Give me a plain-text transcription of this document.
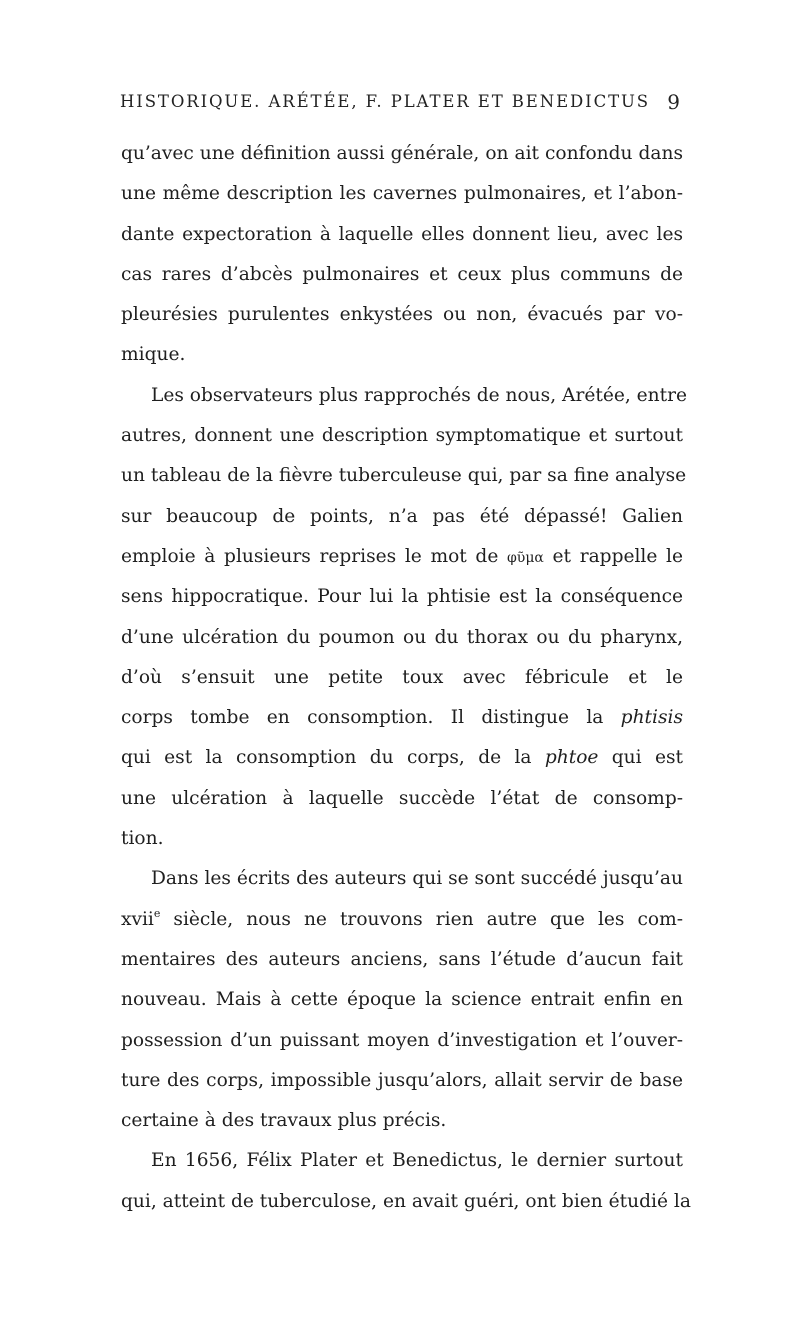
HISTORIQUE. ARÉTÉE, F. PLATER ET BENEDICTUS 9
qu’avec une définition aussi générale, on ait confondu dans
une même description les cavernes pulmonaires, et l’abon-
dante expectoration à laquelle elles donnent lieu, avec les
cas rares d’abcès pulmonaires et ceux plus communs de
pleurésies purulentes enkystées ou non, évacués par vo-
mique.
Les observateurs plus rapprochés de nous, Arétée, entre
autres, donnent une description symptomatique et surtout
un tableau de la fièvre tuberculeuse qui, par sa fine analyse
sur beaucoup de points, n’a pas été dépassé! Galien
emploie à plusieurs reprises le mot de φῦμα et rappelle le
sens hippocratique. Pour lui la phtisie est la conséquence
d’une ulcération du poumon ou du thorax ou du pharynx,
d’où s’ensuit une petite toux avec fébricule et le
corps tombe en consomption. Il distingue la phtisis
qui est la consomption du corps, de la phtoe qui est
une ulcération à laquelle succède l’état de consomp-
tion.
Dans les écrits des auteurs qui se sont succédé jusqu’au
xvii$^e$ siècle, nous ne trouvons rien autre que les com-
mentaires des auteurs anciens, sans l’étude d’aucun fait
nouveau. Mais à cette époque la science entrait enfin en
possession d’un puissant moyen d’investigation et l’ouver-
ture des corps, impossible jusqu’alors, allait servir de base
certaine à des travaux plus précis.
En 1656, Félix Plater et Benedictus, le dernier surtout
qui, atteint de tuberculose, en avait guéri, ont bien étudié la
